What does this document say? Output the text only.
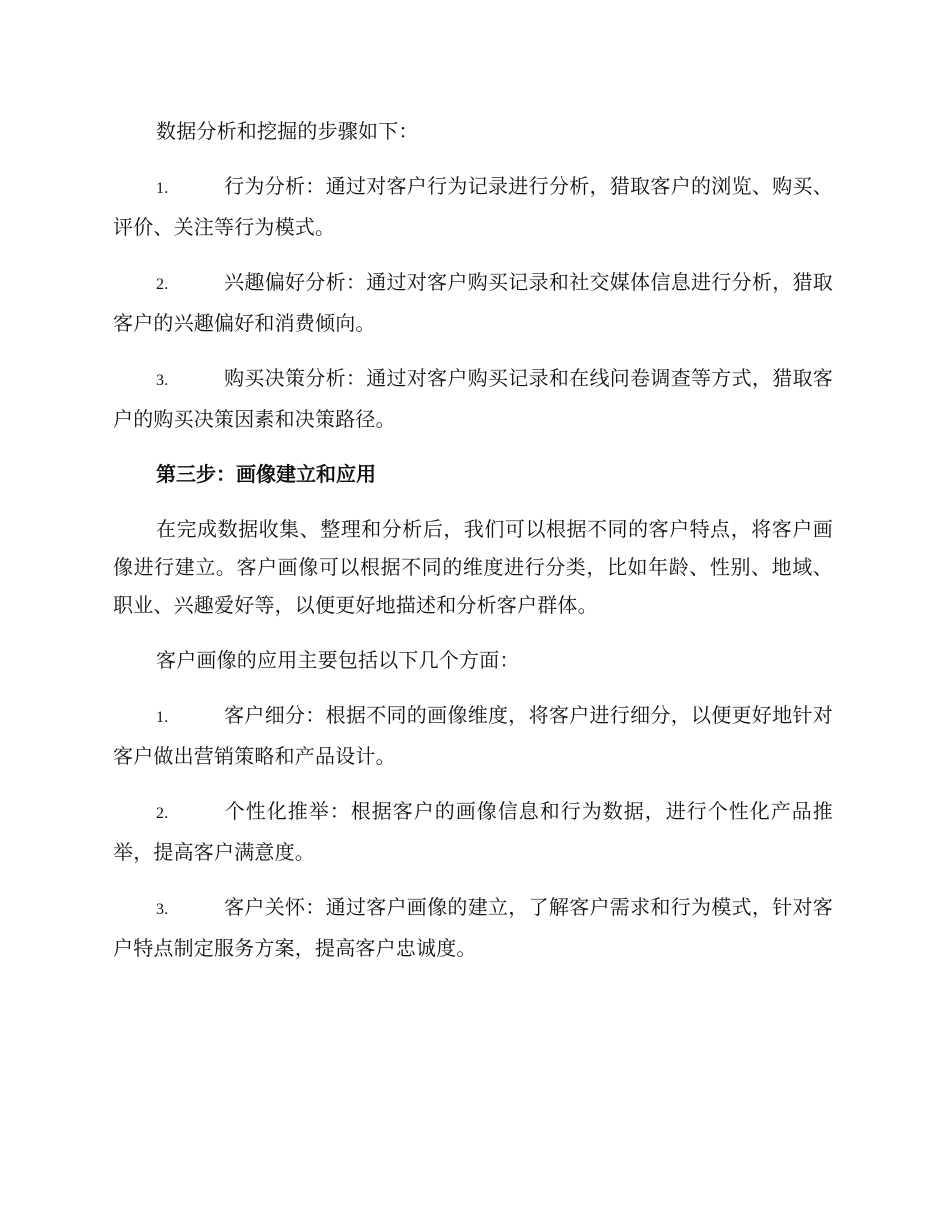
数据分析和挖掘的步骤如下：

1.	行为分析：通过对客户行为记录进行分析，猎取客户的浏览、购买、评价、关注等行为模式。

2.	兴趣偏好分析：通过对客户购买记录和社交媒体信息进行分析，猎取客户的兴趣偏好和消费倾向。

3.	购买决策分析：通过对客户购买记录和在线问卷调查等方式，猎取客户的购买决策因素和决策路径。

第三步：画像建立和应用

在完成数据收集、整理和分析后，我们可以根据不同的客户特点，将客户画像进行建立。客户画像可以根据不同的维度进行分类，比如年龄、性别、地域、职业、兴趣爱好等，以便更好地描述和分析客户群体。

客户画像的应用主要包括以下几个方面：

1.	客户细分：根据不同的画像维度，将客户进行细分，以便更好地针对客户做出营销策略和产品设计。

2.	个性化推举：根据客户的画像信息和行为数据，进行个性化产品推举，提高客户满意度。

3.	客户关怀：通过客户画像的建立，了解客户需求和行为模式，针对客户特点制定服务方案，提高客户忠诚度。
